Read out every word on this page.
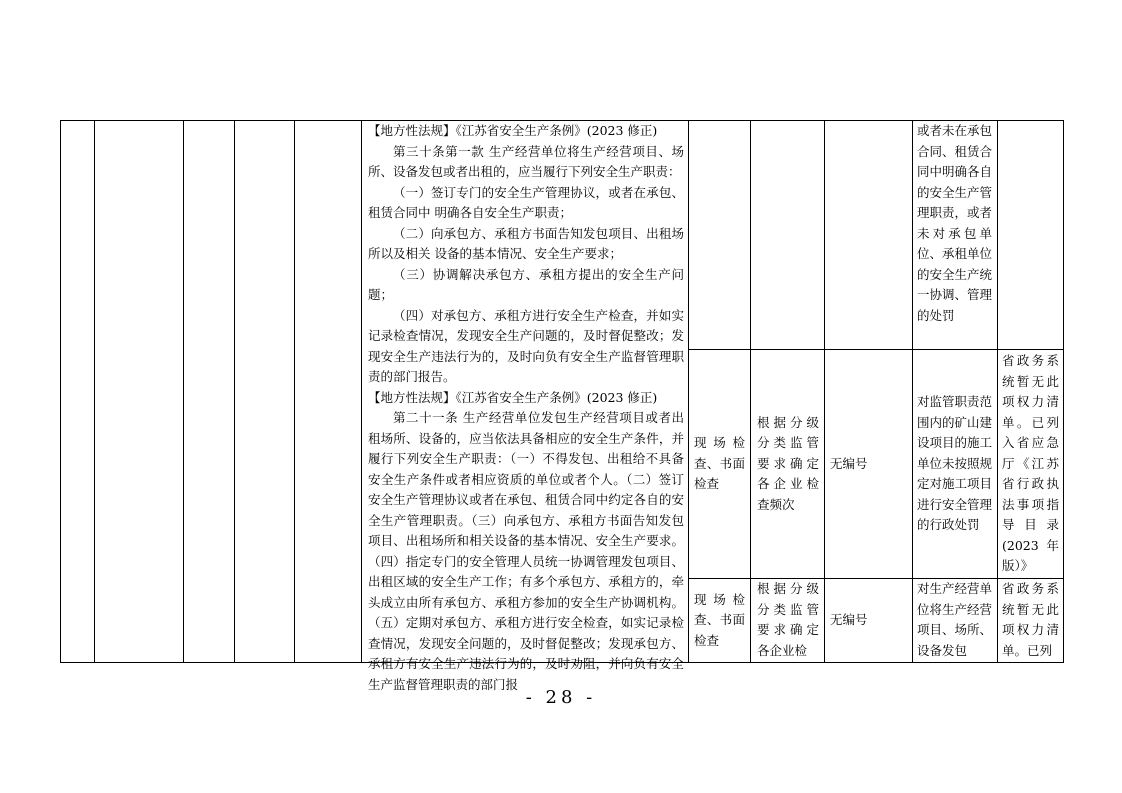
【地方性法规】《江苏省安全生产条例》(2023 修正)

第三十条第一款 生产经营单位将生产经营项目、场所、设备发包或者出租的，应当履行下列安全生产职责：

（一）签订专门的安全生产管理协议，或者在承包、租赁合同中 明确各自安全生产职责；

（二）向承包方、承租方书面告知发包项目、出租场所以及相关 设备的基本情况、安全生产要求；

（三）协调解决承包方、承租方提出的安全生产问题；

（四）对承包方、承租方进行安全生产检查，并如实记录检查情况，发现安全生产问题的，及时督促整改；发现安全生产违法行为的，及时向负有安全生产监督管理职责的部门报告。

【地方性法规】《江苏省安全生产条例》(2023 修正)

第二十一条 生产经营单位发包生产经营项目或者出租场所、设备的，应当依法具备相应的安全生产条件，并履行下列安全生产职责：（一）不得发包、出租给不具备安全生产条件或者相应资质的单位或者个人。（二）签订安全生产管理协议或者在承包、租赁合同中约定各自的安全生产管理职责。（三）向承包方、承租方书面告知发包项目、出租场所和相关设备的基本情况、安全生产要求。（四）指定专门的安全管理人员统一协调管理发包项目、出租区域的安全生产工作；有多个承包方、承租方的，牵头成立由所有承包方、承租方参加的安全生产协调机构。（五）定期对承包方、承租方进行安全检查，如实记录检查情况，发现安全问题的，及时督促整改；发现承包方、承租方有安全生产违法行为的，及时劝阻，并向负有安全生产监督管理职责的部门报

或者未在承包合同、租赁合同中明确各自的安全生产管理职责，或者未对承包单位、承租单位的安全生产统一协调、管理的处罚

现场检查、书面检查
根据分级分类监管要求确定各企业检查频次
无编号
对监管职责范围内的矿山建设项目的施工单位未按照规定对施工项目进行安全管理的行政处罚
省政务系统暂无此项权力清单。已列入省应急厅《江苏省行政执法事项指导目录(2023 年版）》
现场检查、书面检查

根据分级分类监管要求确定各企业检

无编号

对生产经营单位将生产经营项目、场所、设备发包

省政务系统暂无此项权力清单。已列

- 28 -
